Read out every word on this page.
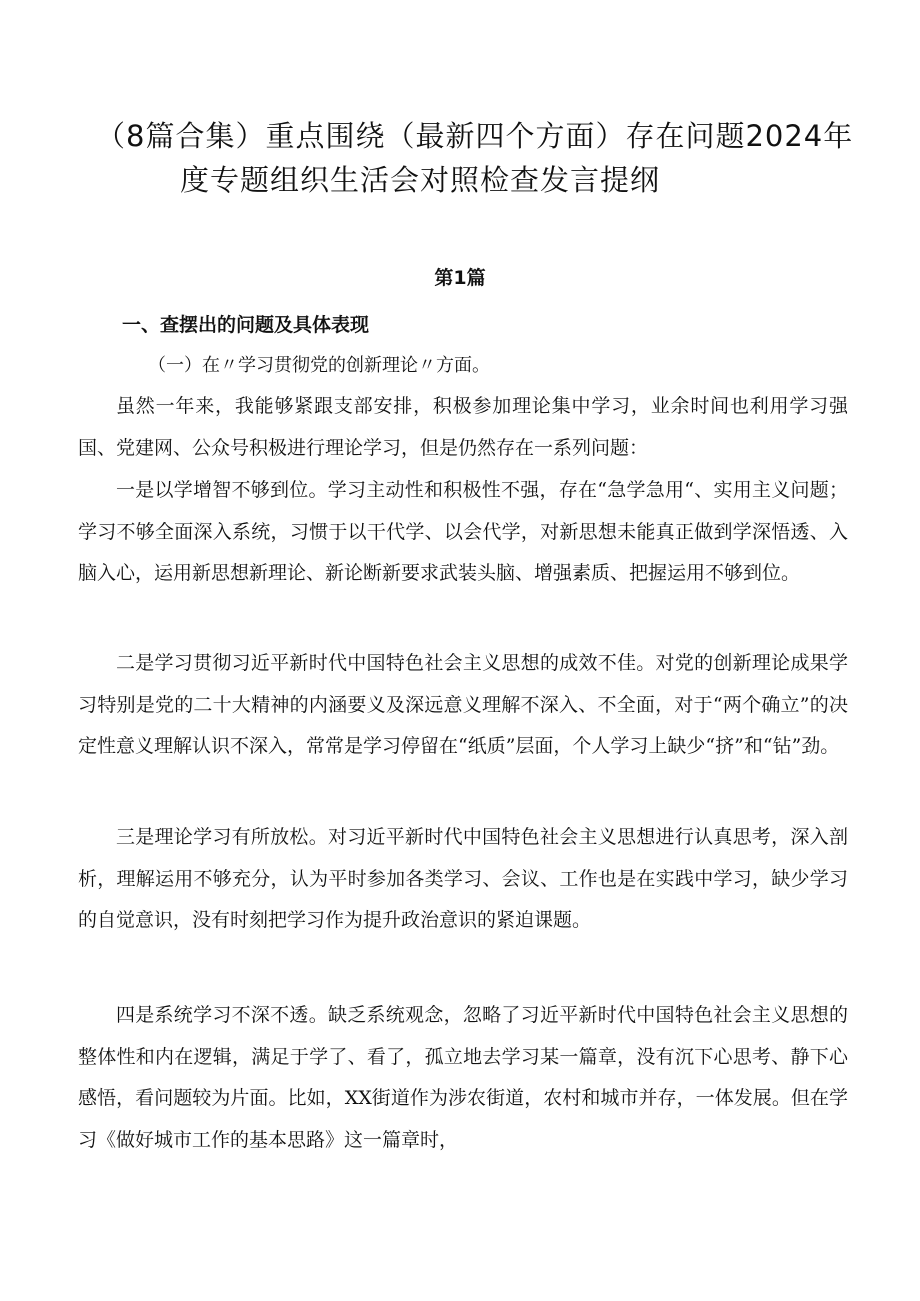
（8篇合集）重点围绕（最新四个方面）存在问题2024年
度专题组织生活会对照检查发言提纲
第1篇
一、查摆出的问题及具体表现
（一）在〃学习贯彻党的创新理论〃方面。

虽然一年来，我能够紧跟支部安排，积极参加理论集中学习，业余时间也利用学习强国、党建网、公众号积极进行理论学习，但是仍然存在一系列问题：

一是以学增智不够到位。学习主动性和积极性不强，存在“急学急用“、实用主义问题；学习不够全面深入系统，习惯于以干代学、以会代学，对新思想未能真正做到学深悟透、入脑入心，运用新思想新理论、新论断新要求武装头脑、增强素质、把握运用不够到位。

二是学习贯彻习近平新时代中国特色社会主义思想的成效不佳。对党的创新理论成果学习特别是党的二十大精神的内涵要义及深远意义理解不深入、不全面，对于“两个确立”的决定性意义理解认识不深入，常常是学习停留在“纸质”层面，个人学习上缺少“挤”和“钻”劲。

三是理论学习有所放松。对习近平新时代中国特色社会主义思想进行认真思考，深入剖析，理解运用不够充分，认为平时参加各类学习、会议、工作也是在实践中学习，缺少学习的自觉意识，没有时刻把学习作为提升政治意识的紧迫课题。

四是系统学习不深不透。缺乏系统观念，忽略了习近平新时代中国特色社会主义思想的整体性和内在逻辑，满足于学了、看了，孤立地去学习某一篇章，没有沉下心思考、静下心感悟，看问题较为片面。比如，XX街道作为涉农街道，农村和城市并存，一体发展。但在学习《做好城市工作的基本思路》这一篇章时，
